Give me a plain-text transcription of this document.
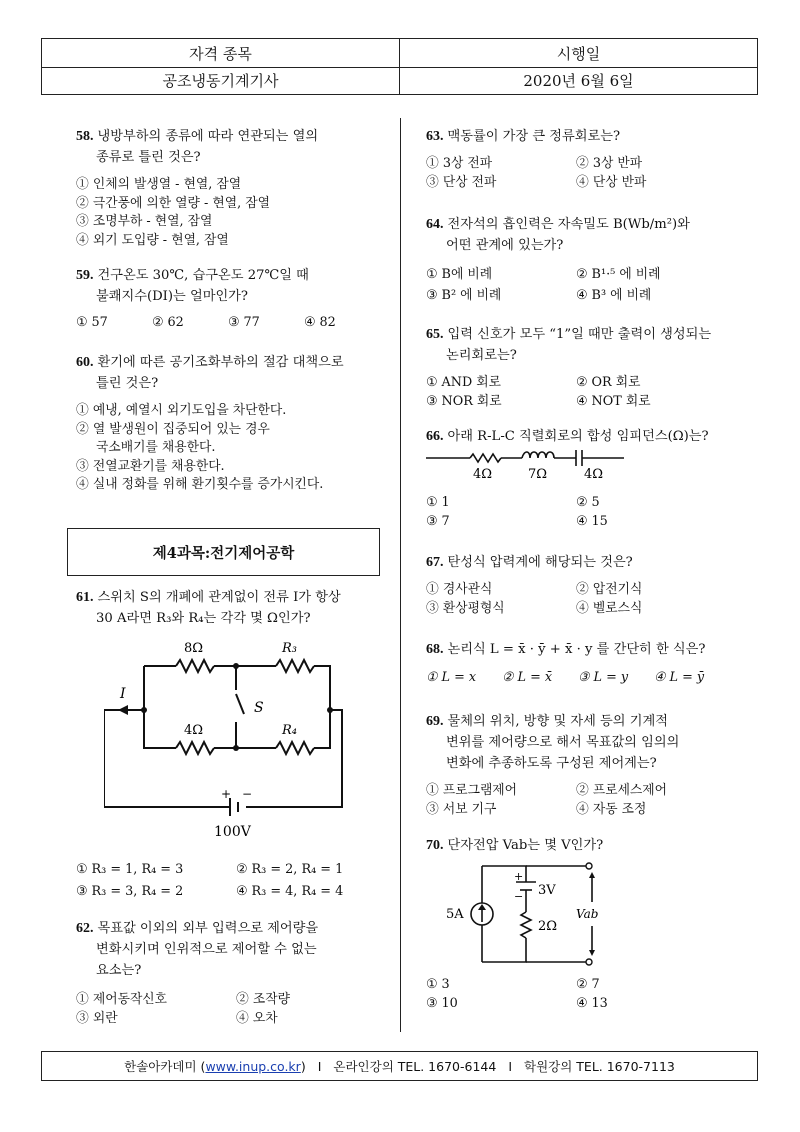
자격 종목	시행일
공조냉동기계기사	2020년 6월 6일
58. 냉방부하의 종류에 따라 연관되는 열의
종류로 틀린 것은?
① 인체의 발생열 - 현열, 잠열
② 극간풍에 의한 열량 - 현열, 잠열
③ 조명부하 - 현열, 잠열
④ 외기 도입량 - 현열, 잠열
59. 건구온도 30℃, 습구온도 27℃일 때
불쾌지수(DI)는 얼마인가?
① 57	② 62	③ 77	④ 82
60. 환기에 따른 공기조화부하의 절감 대책으로
틀린 것은?
① 예냉, 예열시 외기도입을 차단한다.
② 열 발생원이 집중되어 있는 경우
국소배기를 채용한다.
③ 전열교환기를 채용한다.
④ 실내 정화를 위해 환기횟수를 증가시킨다.
61. 스위치 S의 개폐에 관계없이 전류 I가 항상
30 A라면 R₃와 R₄는 각각 몇 Ω인가?
8Ω	R₃
4Ω	R₄
S
I
+ −
100V
① R₃ = 1, R₄ = 3	② R₃ = 2, R₄ = 1
③ R₃ = 3, R₄ = 2	④ R₃ = 4, R₄ = 4
62. 목표값 이외의 외부 입력으로 제어량을
변화시키며 인위적으로 제어할 수 없는
요소는?
① 제어동작신호	② 조작량
③ 외란	④ 오차
제4과목:전기제어공학
63. 맥동률이 가장 큰 정류회로는?
① 3상 전파	② 3상 반파
③ 단상 전파	④ 단상 반파
64. 전자석의 흡인력은 자속밀도 B(Wb/m²)와
어떤 관계에 있는가?
① B에 비례	② B¹·⁵ 에 비례
③ B² 에 비례	④ B³ 에 비례
65. 입력 신호가 모두 “1”일 때만 출력이 생성되는
논리회로는?
① AND 회로	② OR 회로
③ NOR 회로	④ NOT 회로
66. 아래 R-L-C 직렬회로의 합성 임피던스(Ω)는?
4Ω	7Ω	4Ω
① 1	② 5
③ 7	④ 15
67. 탄성식 압력계에 해당되는 것은?
① 경사관식	② 압전기식
③ 환상평형식	④ 벨로스식
68. 논리식 L = x̄ · ȳ + x̄ · y 를 간단히 한 식은?
① L = x	② L = x̄	③ L = y	④ L = ȳ
69. 물체의 위치, 방향 및 자세 등의 기계적
변위를 제어량으로 해서 목표값의 임의의
변화에 추종하도록 구성된 제어계는?
① 프로그램제어	② 프로세스제어
③ 서보 기구	④ 자동 조정
70. 단자전압 Vab는 몇 V인가?
5A
3V
2Ω
Vab
+
−
① 3	② 7
③ 10	④ 13
한솔아카데미 ( www.inup.co.kr ) I 온라인강의 TEL. 1670-6144 I 학원강의 TEL. 1670-7113
